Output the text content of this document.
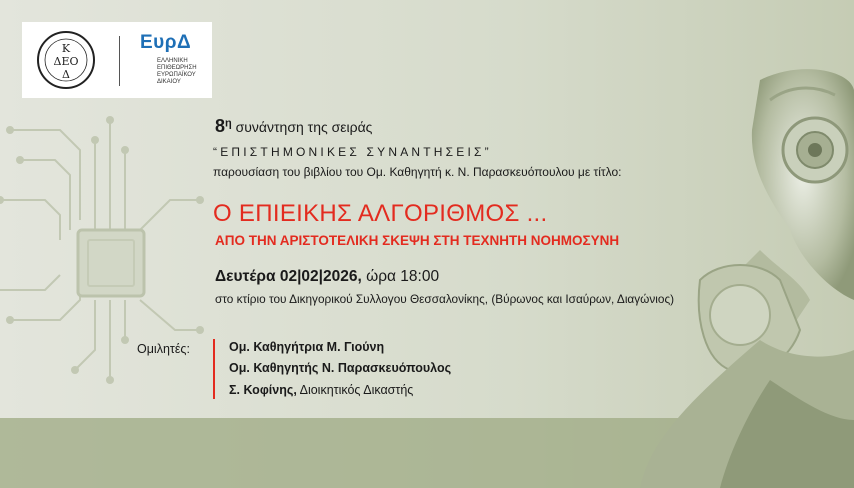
Κ
ΔΕΟ
Δ
ΕυρΔ
ΕΛΛΗΝΙΚΗ
ΕΠΙΘΕΩΡΗΣΗ
ΕΥΡΩΠΑΪΚΟΥ
ΔΙΚΑΙΟΥ
$8^\eta$ συνάντηση της σειράς
“ΕΠΙΣΤΗΜΟΝΙΚΕΣ ΣΥΝΑΝΤΗΣΕΙΣ”
παρουσίαση του βιβλίου του Ομ. Καθηγητή κ. Ν. Παρασκευόπουλου με τίτλο:
Ο ΕΠΙΕΙΚΗΣ ΑΛΓΟΡΙΘΜΟΣ ...
ΑΠΟ ΤΗΝ ΑΡΙΣΤΟΤΕΛΙΚΗ ΣΚΕΨΗ ΣΤΗ ΤΕΧΝΗΤΗ ΝΟΗΜΟΣΥΝΗ
Δευτέρα 02|02|2026, ώρα 18:00
στο κτίριο του Δικηγορικού Συλλογου Θεσσαλονίκης, (Βύρωνος και Ισαύρων, Διαγώνιος)
Ομιλητές:	Ομ. Καθηγήτρια Μ. Γιούνη
Ομ. Καθηγητής Ν. Παρασκευόπουλος
Σ. Κοφίνης, Διοικητικός Δικαστής
